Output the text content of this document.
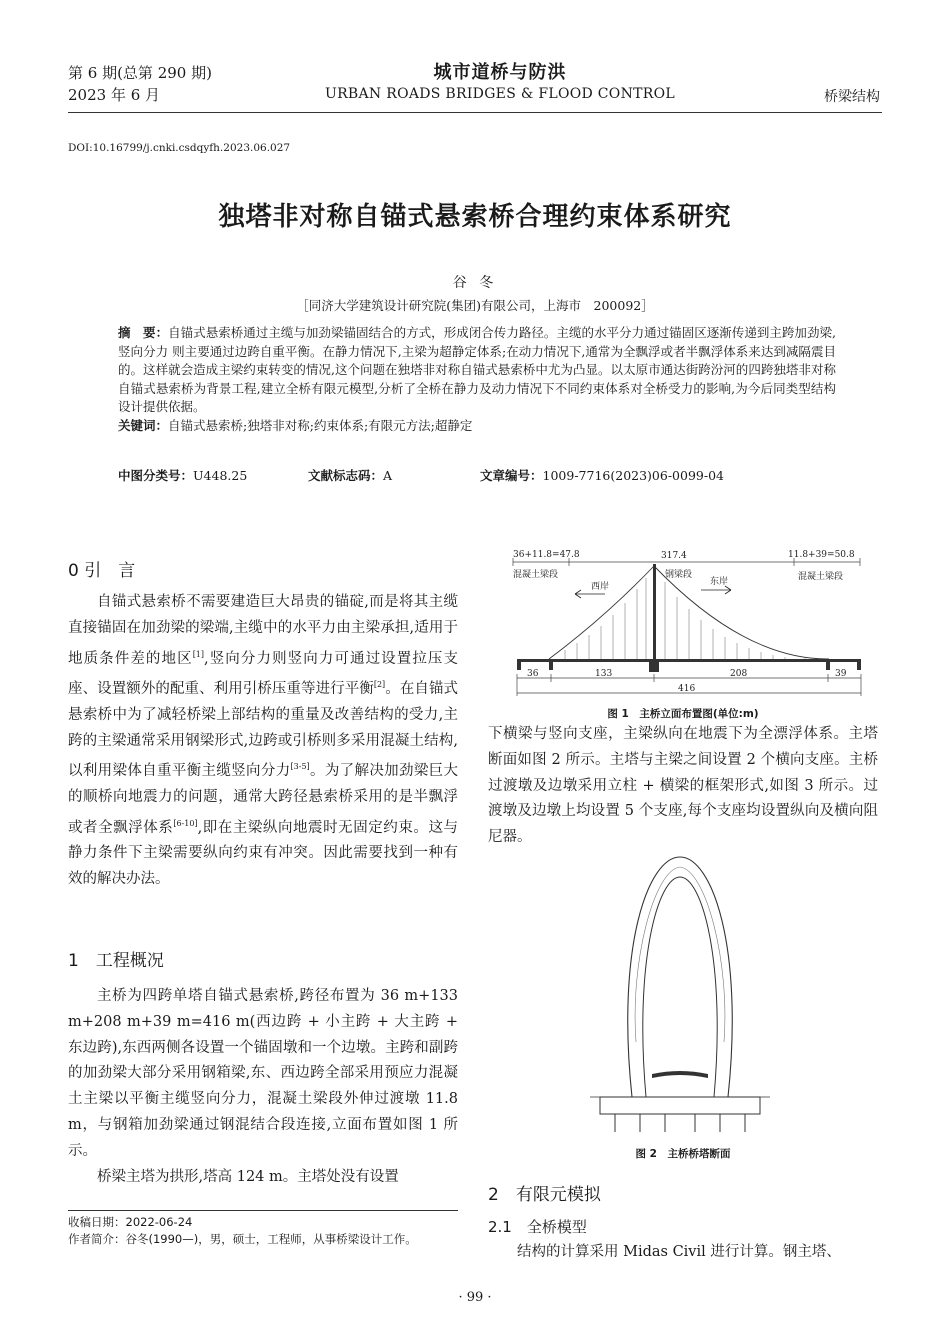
第 6 期(总第 290 期)
2023 年 6 月
城市道桥与防洪
URBAN ROADS BRIDGES & FLOOD CONTROL	桥梁结构
DOI:10.16799/j.cnki.csdqyfh.2023.06.027
独塔非对称自锚式悬索桥合理约束体系研究
谷 冬
［同济大学建筑设计研究院(集团)有限公司，上海市　200092］
摘　要：自锚式悬索桥通过主缆与加劲梁锚固结合的方式，形成闭合传力路径。主缆的水平分力通过锚固区逐渐传递到主跨加劲梁,竖向分力 则主要通过边跨自重平衡。在静力情况下,主梁为超静定体系;在动力情况下,通常为全飘浮或者半飘浮体系来达到减隔震目的。这样就会造成主梁约束转变的情况,这个问题在独塔非对称自锚式悬索桥中尤为凸显。以太原市通达街跨汾河的四跨独塔非对称自锚式悬索桥为背景工程,建立全桥有限元模型,分析了全桥在静力及动力情况下不同约束体系对全桥受力的影响,为今后同类型结构设计提供依据。
关键词：自锚式悬索桥;独塔非对称;约束体系;有限元方法;超静定
中图分类号：U448.25	文献标志码：A	文章编号：1009-7716(2023)06-0099-04
0 引　言

自锚式悬索桥不需要建造巨大昂贵的锚碇,而是将其主缆直接锚固在加劲梁的梁端,主缆中的水平力由主梁承担,适用于地质条件差的地区[1],竖向分力则竖向力可通过设置拉压支座、设置额外的配重、利用引桥压重等进行平衡[2]。在自锚式悬索桥中为了减轻桥梁上部结构的重量及改善结构的受力,主跨的主梁通常采用钢梁形式,边跨或引桥则多采用混凝土结构,以利用梁体自重平衡主缆竖向分力[3-5]。为了解决加劲梁巨大的顺桥向地震力的问题，通常大跨径悬索桥采用的是半飘浮或者全飘浮体系[6-10],即在主梁纵向地震时无固定约束。这与静力条件下主梁需要纵向约束有冲突。因此需要找到一种有效的解决办法。

1　工程概况

主桥为四跨单塔自锚式悬索桥,跨径布置为 36 m+133 m+208 m+39 m=416 m(西边跨 + 小主跨 + 大主跨 + 东边跨),东西两侧各设置一个锚固墩和一个边墩。主跨和副跨的加劲梁大部分采用钢箱梁,东、西边跨全部采用预应力混凝土主梁以平衡主缆竖向分力，混凝土梁段外伸过渡墩 11.8 m，与钢箱加劲梁通过钢混结合段连接,立面布置如图 1 所示。

桥梁主塔为拱形,塔高 124 m。主塔处没有设置

收稿日期：2022-06-24
作者简介：谷冬(1990—)，男，硕士，工程师，从事桥梁设计工作。
36+11.8=47.8	317.4	11.8+39=50.8
混凝土梁段	钢梁段	混凝土梁段
西岸	东岸
36	133	208	39
416
图 1　主桥立面布置图(单位:m)

下横梁与竖向支座，主梁纵向在地震下为全漂浮体系。主塔断面如图 2 所示。主塔与主梁之间设置 2 个横向支座。主桥过渡墩及边墩采用立柱 + 横梁的框架形式,如图 3 所示。过渡墩及边墩上均设置 5 个支座,每个支座均设置纵向及横向阻尼器。

图 2　主桥桥塔断面
2　有限元模拟
2.1　全桥模型

结构的计算采用 Midas Civil 进行计算。钢主塔、

· 99 ·
